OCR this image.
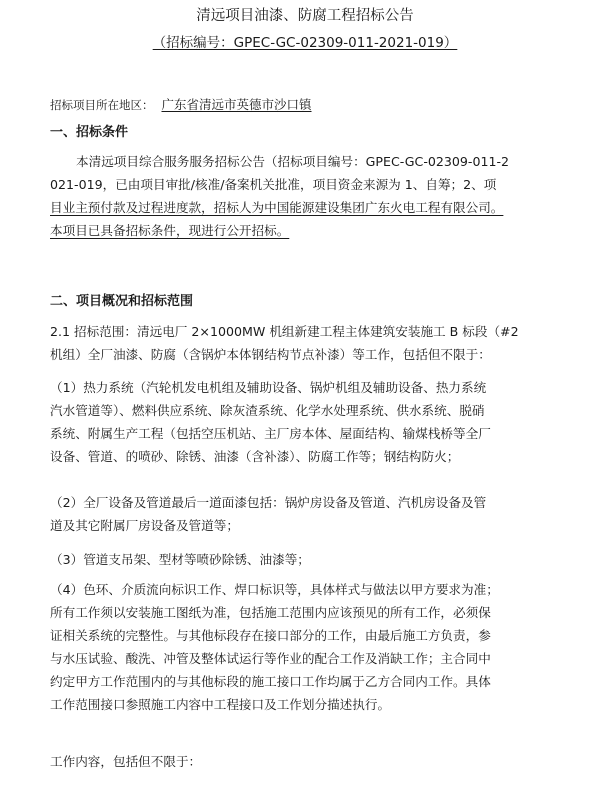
清远项目油漆、防腐工程招标公告
（招标编号：GPEC-GC-02309-011-2021-019）
招标项目所在地区： 广东省清远市英德市沙口镇
一、招标条件
本清远项目综合服务服务招标公告（招标项目编号：GPEC-GC-02309-011-2
021-019，已由项目审批/核准/备案机关批准，项目资金来源为 1、自筹；2、项
目业主预付款及过程进度款，招标人为中国能源建设集团广东火电工程有限公司。
本项目已具备招标条件，现进行公开招标。
二、项目概况和招标范围
2.1 招标范围：清远电厂 2×1000MW 机组新建工程主体建筑安装施工 B 标段（#2
机组）全厂油漆、防腐（含锅炉本体钢结构节点补漆）等工作，包括但不限于：
（1）热力系统（汽轮机发电机组及辅助设备、锅炉机组及辅助设备、热力系统
汽水管道等）、燃料供应系统、除灰渣系统、化学水处理系统、供水系统、脱硝
系统、附属生产工程（包括空压机站、主厂房本体、屋面结构、输煤栈桥等全厂
设备、管道、的喷砂、除锈、油漆（含补漆）、防腐工作等；钢结构防火；
（2）全厂设备及管道最后一道面漆包括：锅炉房设备及管道、汽机房设备及管
道及其它附属厂房设备及管道等；
（3）管道支吊架、型材等喷砂除锈、油漆等；
（4）色环、介质流向标识工作、焊口标识等，具体样式与做法以甲方要求为准；
所有工作须以安装施工图纸为准，包括施工范围内应该预见的所有工作，必须保
证相关系统的完整性。与其他标段存在接口部分的工作，由最后施工方负责，参
与水压试验、酸洗、冲管及整体试运行等作业的配合工作及消缺工作；主合同中
约定甲方工作范围内的与其他标段的施工接口工作均属于乙方合同内工作。具体
工作范围接口参照施工内容中工程接口及工作划分描述执行。
工作内容，包括但不限于：
